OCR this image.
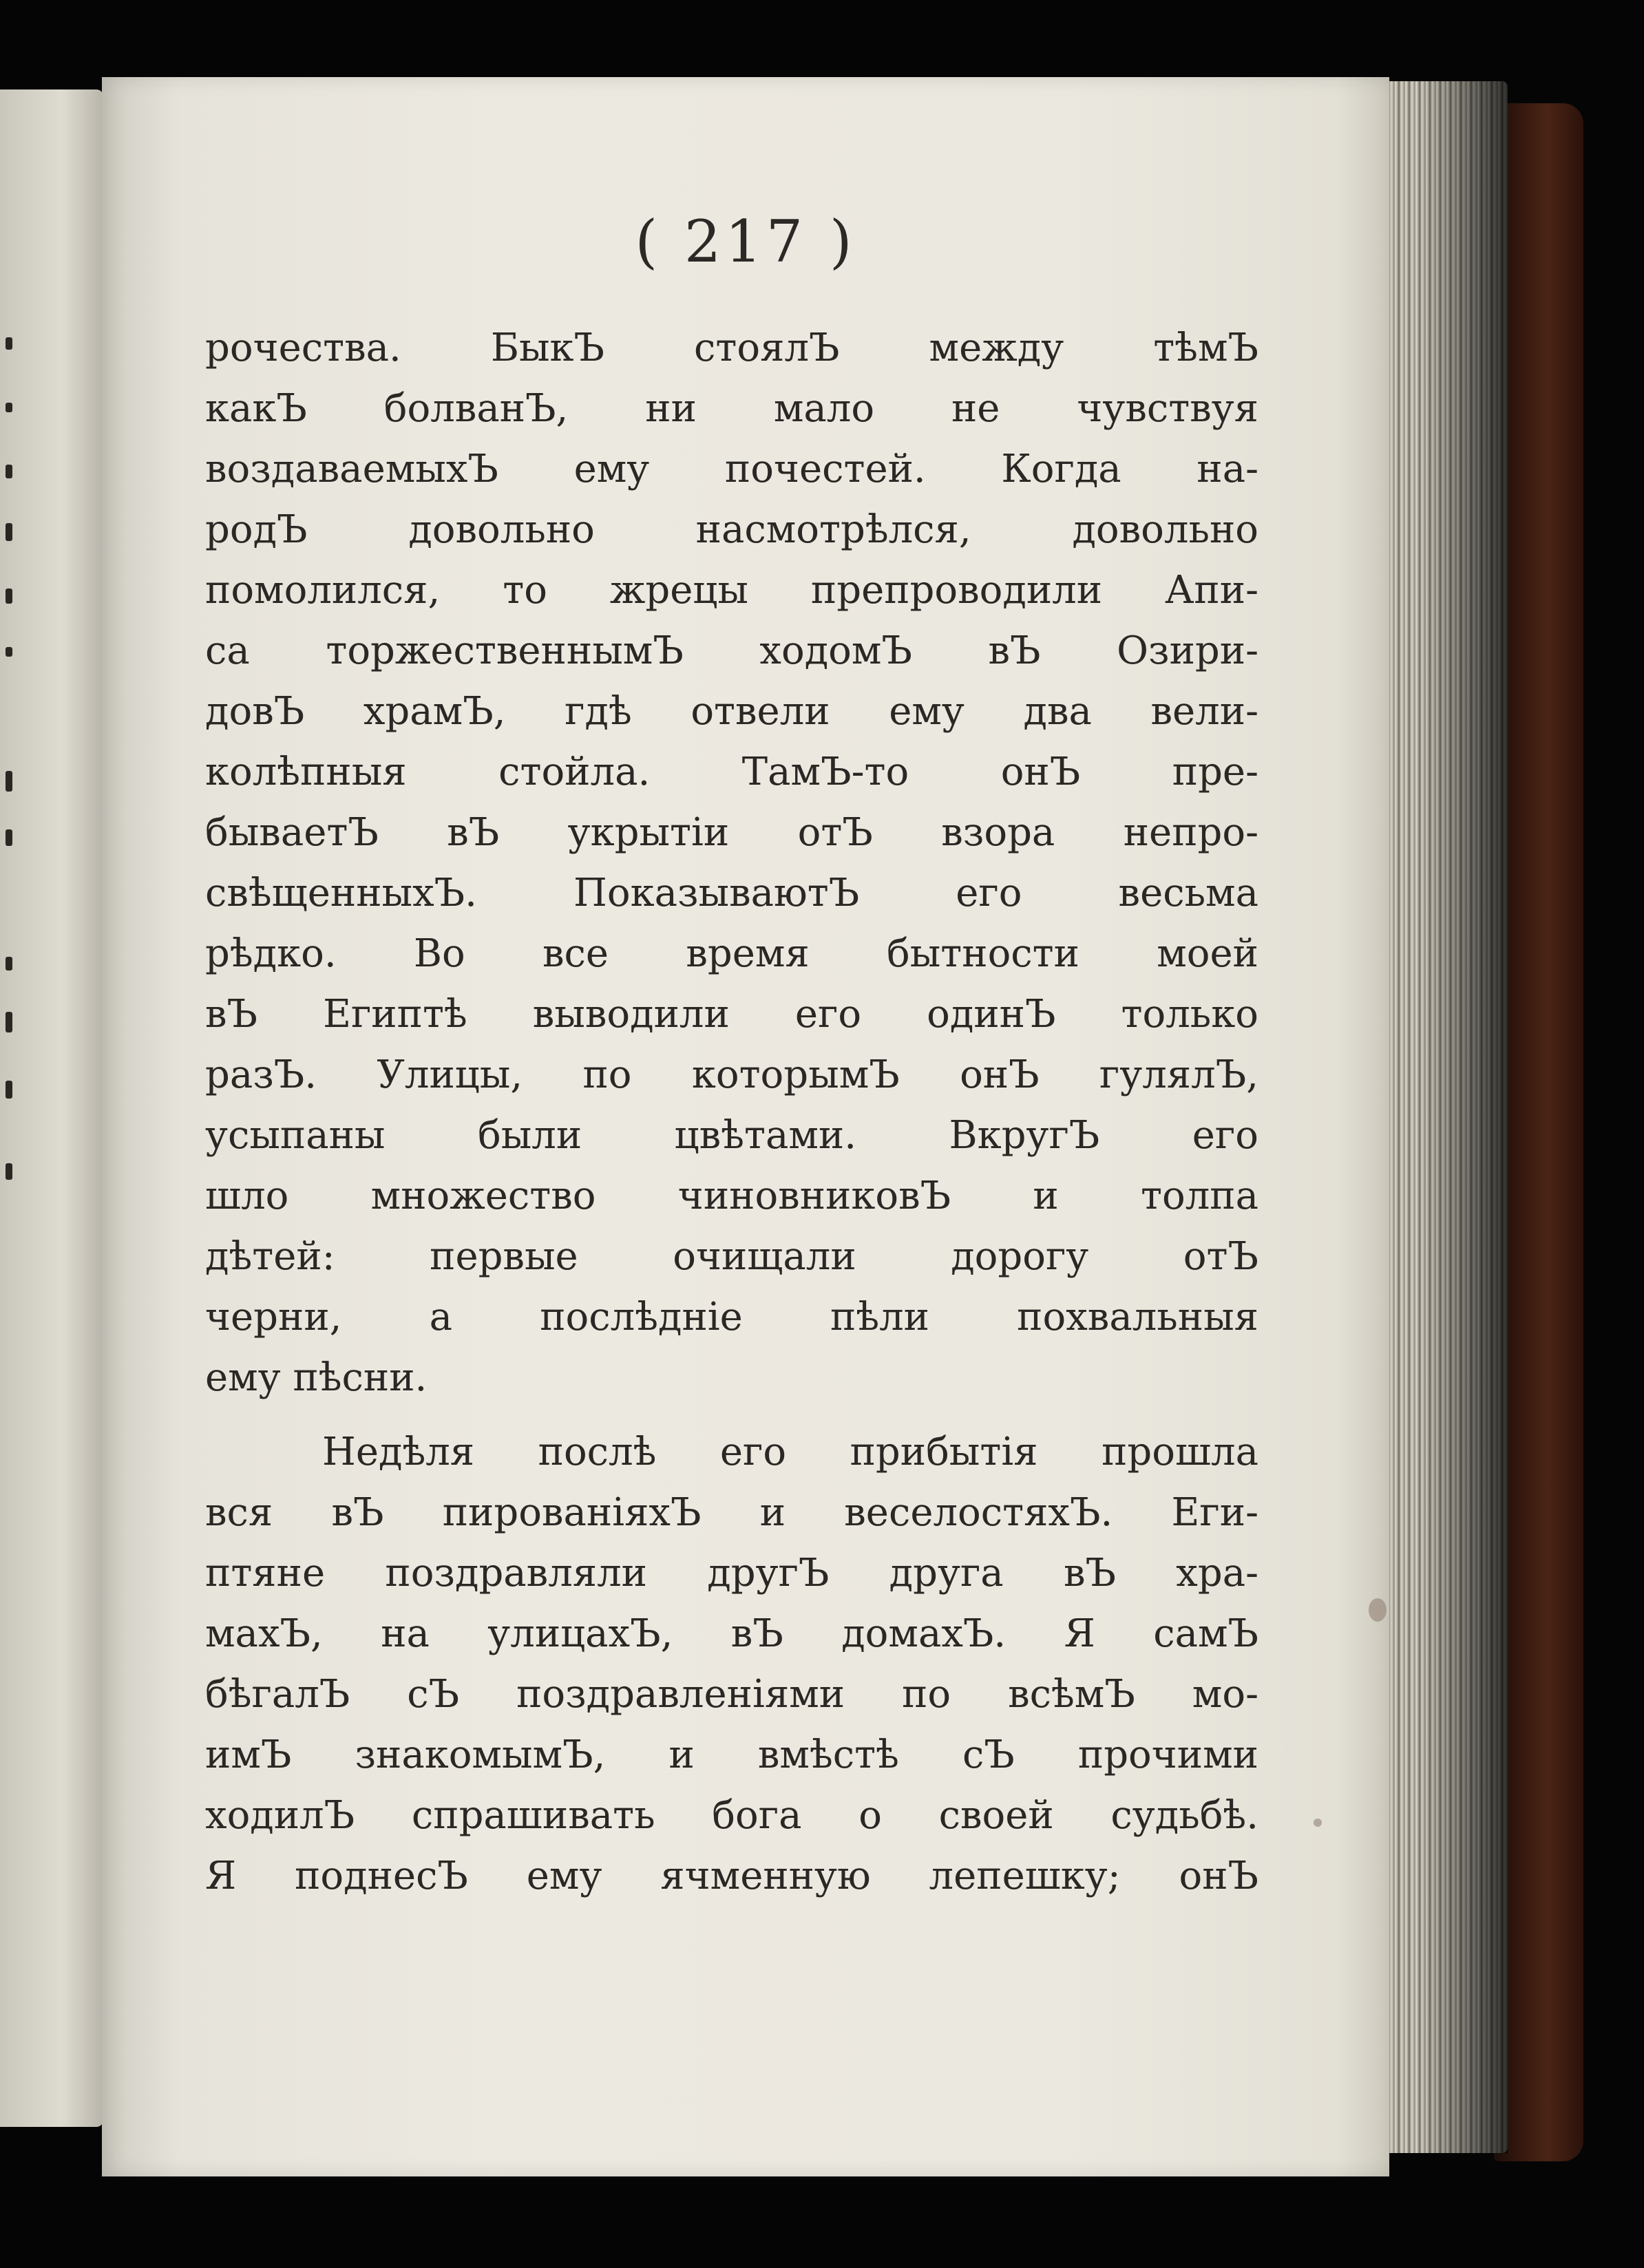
( 217 )
рочества. БыкЪ стоялЪ между тѣмЪ
какЪ болванЪ, ни мало не чувствуя
воздаваемыхЪ ему почестей. Когда на-
родЪ довольно насмотрѣлся, довольно
помолился, то жрецы препроводили Апи-
са торжественнымЪ ходомЪ вЪ Озири-
довЪ храмЪ, гдѣ отвели ему два вели-
колѣпныя стойла. ТамЪ-то онЪ пре-
бываетЪ вЪ укрытіи отЪ взора непро-
свѣщенныхЪ. ПоказываютЪ его весьма
рѣдко. Во все время бытности моей
вЪ Египтѣ выводили его одинЪ только
разЪ. Улицы, по которымЪ онЪ гулялЪ,
усыпаны были цвѣтами. ВкругЪ его
шло множество чиновниковЪ и толпа
дѣтей: первые очищали дорогу отЪ
черни, а послѣдніе пѣли похвальныя
ему пѣсни.
Недѣля послѣ его прибытія прошла
вся вЪ пированіяхЪ и веселостяхЪ. Еги-
птяне поздравляли другЪ друга вЪ хра-
махЪ, на улицахЪ, вЪ домахЪ. Я самЪ
бѣгалЪ сЪ поздравленіями по всѣмЪ мо-
имЪ знакомымЪ, и вмѣстѣ сЪ прочими
ходилЪ спрашивать бога о своей судьбѣ.
Я поднесЪ ему ячменную лепешку; онЪ
